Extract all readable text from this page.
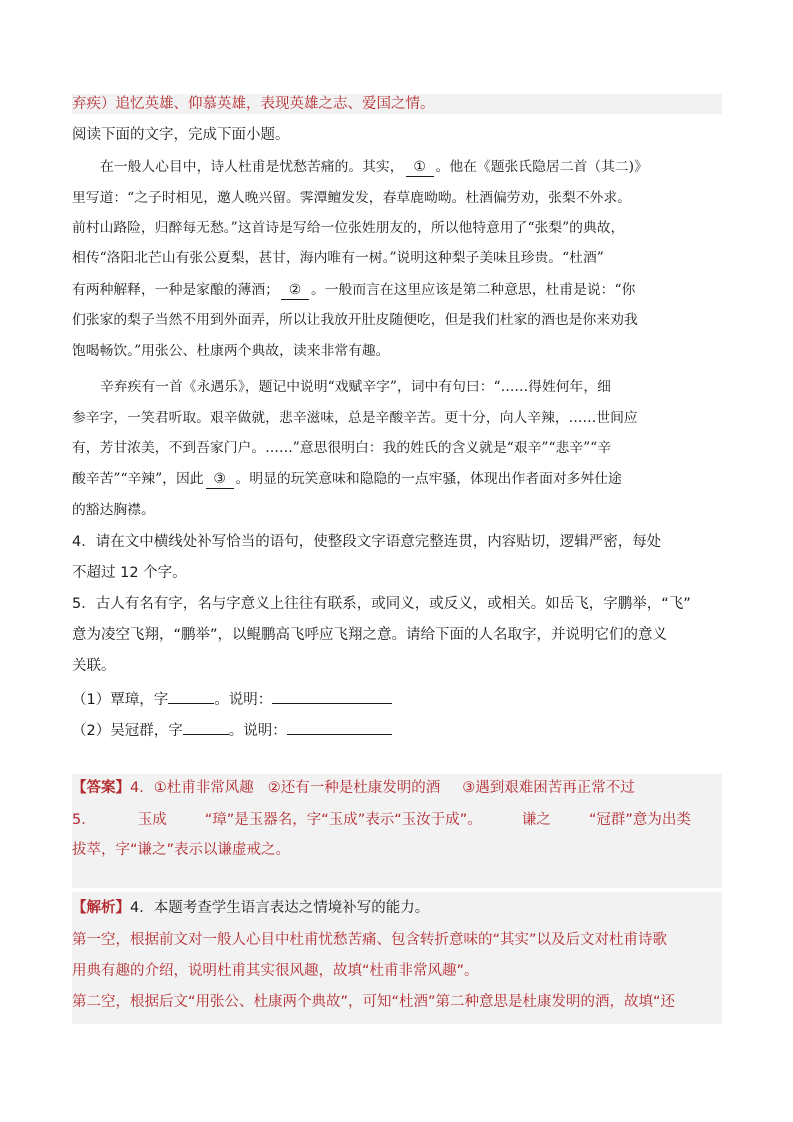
弃疾）追忆英雄、仰慕英雄，表现英雄之志、爱国之情。
阅读下面的文字，完成下面小题。
在一般人心目中，诗人杜甫是忧愁苦痛的。其实， ① 。他在《题张氏隐居二首（其二)》
里写道：“之子时相见，邀人晚兴留。霁潭鳣发发，春草鹿呦呦。杜酒偏劳劝，张梨不外求。
前村山路险，归醉每无愁。”这首诗是写给一位张姓朋友的，所以他特意用了“张梨”的典故，
相传“洛阳北芒山有张公夏梨，甚甘，海内唯有一树。”说明这种梨子美味且珍贵。“杜酒”
有两种解释，一种是家酿的薄酒； ② 。一般而言在这里应该是第二种意思，杜甫是说：“你
们张家的梨子当然不用到外面弄，所以让我放开肚皮随便吃，但是我们杜家的酒也是你来劝我
饱喝畅饮。”用张公、杜康两个典故，读来非常有趣。
辛弃疾有一首《永遇乐》，题记中说明“戏赋辛字”，词中有句曰：“……得姓何年，细
参辛字，一笑君听取。艰辛做就，悲辛滋味，总是辛酸辛苦。更十分，向人辛辣，……世间应
有，芳甘浓美，不到吾家门户。……”意思很明白：我的姓氏的含义就是“艰辛”“悲辛”“辛
酸辛苦”“辛辣”，因此 ③ 。明显的玩笑意味和隐隐的一点牢骚，体现出作者面对多舛仕途
的豁达胸襟。
4．请在文中横线处补写恰当的语句，使整段文字语意完整连贯，内容贴切，逻辑严密，每处
不超过 12 个字。
5．古人有名有字，名与字意义上往往有联系，或同义，或反义，或相关。如岳飞，字鹏举，“飞”
意为凌空飞翔，“鹏举”，以鲲鹏高飞呼应飞翔之意。请给下面的人名取字，并说明它们的意义
关联。
（1）覃璋，字	。说明：
（2）吴冠群，字	。说明：
【答案】4．①杜甫非常风趣 ②还有一种是杜康发明的酒 ③遇到艰难困苦再正常不过
5．	玉成	“璋”是玉器名，字“玉成”表示“玉汝于成”。	谦之	“冠群”意为出类
拔萃，字“谦之”表示以谦虚戒之。
【解析】4．本题考查学生语言表达之情境补写的能力。
第一空，根据前文对一般人心目中杜甫忧愁苦痛、包含转折意味的“其实”以及后文对杜甫诗歌
用典有趣的介绍，说明杜甫其实很风趣，故填“杜甫非常风趣”。
第二空，根据后文“用张公、杜康两个典故”，可知“杜酒”第二种意思是杜康发明的酒，故填“还
